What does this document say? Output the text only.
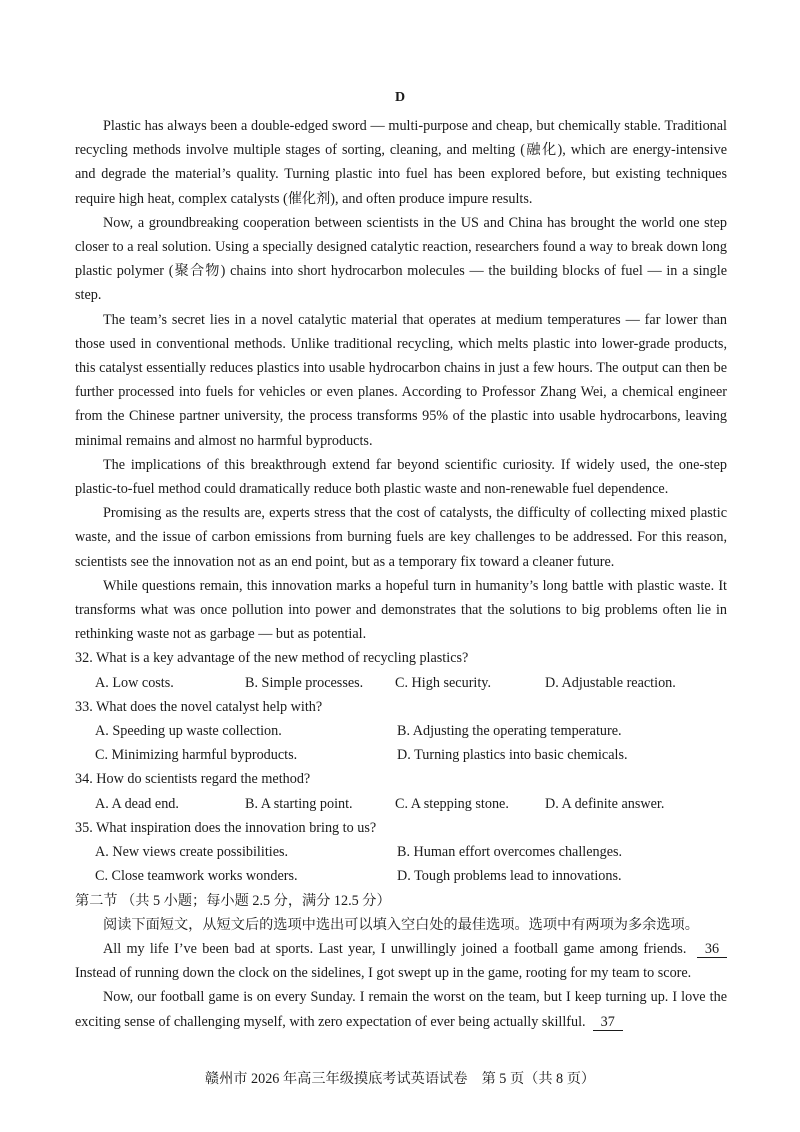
D

Plastic has always been a double-edged sword — multi-purpose and cheap, but chemically stable. Traditional recycling methods involve multiple stages of sorting, cleaning, and melting (融化), which are energy-intensive and degrade the material’s quality. Turning plastic into fuel has been explored before, but existing techniques require high heat, complex catalysts (催化剂), and often produce impure results.

Now, a groundbreaking cooperation between scientists in the US and China has brought the world one step closer to a real solution. Using a specially designed catalytic reaction, researchers found a way to break down long plastic polymer (聚合物) chains into short hydrocarbon molecules — the building blocks of fuel — in a single step.

The team’s secret lies in a novel catalytic material that operates at medium temperatures — far lower than those used in conventional methods. Unlike traditional recycling, which melts plastic into lower-grade products, this catalyst essentially reduces plastics into usable hydrocarbon chains in just a few hours. The output can then be further processed into fuels for vehicles or even planes. According to Professor Zhang Wei, a chemical engineer from the Chinese partner university, the process transforms 95% of the plastic into usable hydrocarbons, leaving minimal remains and almost no harmful byproducts.

The implications of this breakthrough extend far beyond scientific curiosity. If widely used, the one-step plastic-to-fuel method could dramatically reduce both plastic waste and non-renewable fuel dependence.

Promising as the results are, experts stress that the cost of catalysts, the difficulty of collecting mixed plastic waste, and the issue of carbon emissions from burning fuels are key challenges to be addressed. For this reason, scientists see the innovation not as an end point, but as a temporary fix toward a cleaner future.

While questions remain, this innovation marks a hopeful turn in humanity’s long battle with plastic waste. It transforms what was once pollution into power and demonstrates that the solutions to big problems often lie in rethinking waste not as garbage — but as potential.

32. What is a key advantage of the new method of recycling plastics?

A. Low costs.	B. Simple processes.	C. High security.	D. Adjustable reaction.

33. What does the novel catalyst help with?

A. Speeding up waste collection.	B. Adjusting the operating temperature.
C. Minimizing harmful byproducts.	D. Turning plastics into basic chemicals.

34. How do scientists regard the method?

A. A dead end.	B. A starting point.	C. A stepping stone.	D. A definite answer.

35. What inspiration does the innovation bring to us?

A. New views create possibilities.	B. Human effort overcomes challenges.
C. Close teamwork works wonders.	D. Tough problems lead to innovations.

第二节 （共 5 小题；每小题 2.5 分，满分 12.5 分）

阅读下面短文，从短文后的选项中选出可以填入空白处的最佳选项。选项中有两项为多余选项。

All my life I’ve been bad at sports. Last year, I unwillingly joined a football game among friends. 36 Instead of running down the clock on the sidelines, I got swept up in the game, rooting for my team to score.

Now, our football game is on every Sunday. I remain the worst on the team, but I keep turning up. I love the exciting sense of challenging myself, with zero expectation of ever being actually skillful. 37

赣州市 2026 年高三年级摸底考试英语试卷　第 5 页（共 8 页）
